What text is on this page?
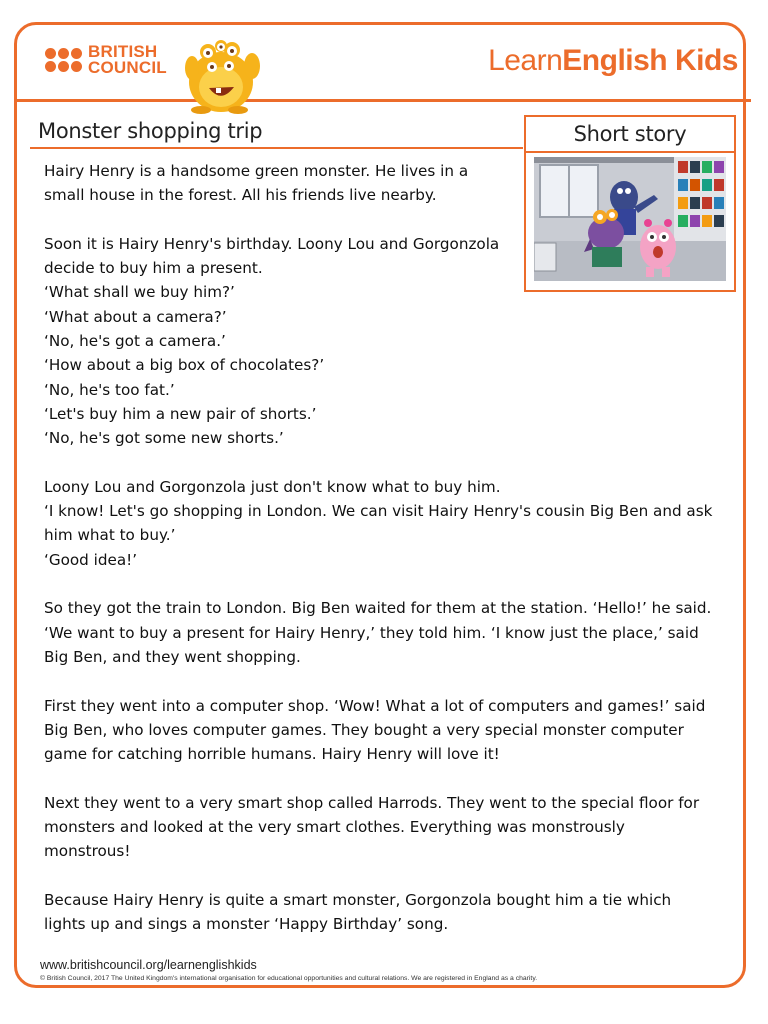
BRITISH
COUNCIL	LearnEnglish Kids
Monster shopping trip	Short story

Hairy Henry is a handsome green monster. He lives in a
small house in the forest. All his friends live nearby.

Soon it is Hairy Henry's birthday. Loony Lou and Gorgonzola
decide to buy him a present.
‘What shall we buy him?’
‘What about a camera?’
‘No, he's got a camera.’
‘How about a big box of chocolates?’
‘No, he's too fat.’
‘Let's buy him a new pair of shorts.’
‘No, he's got some new shorts.’

Loony Lou and Gorgonzola just don't know what to buy him.
‘I know! Let's go shopping in London. We can visit Hairy Henry's cousin Big Ben and ask
him what to buy.’
‘Good idea!’

So they got the train to London. Big Ben waited for them at the station. ‘Hello!’ he said.
‘We want to buy a present for Hairy Henry,’ they told him. ‘I know just the place,’ said
Big Ben, and they went shopping.

First they went into a computer shop. ‘Wow! What a lot of computers and games!’ said
Big Ben, who loves computer games. They bought a very special monster computer
game for catching horrible humans. Hairy Henry will love it!

Next they went to a very smart shop called Harrods. They went to the special floor for
monsters and looked at the very smart clothes. Everything was monstrously
monstrous!

Because Hairy Henry is quite a smart monster, Gorgonzola bought him a tie which
lights up and sings a monster ‘Happy Birthday’ song.

www.britishcouncil.org/learnenglishkids
© British Council, 2017 The United Kingdom's international organisation for educational opportunities and cultural relations. We are registered in England as a charity.
